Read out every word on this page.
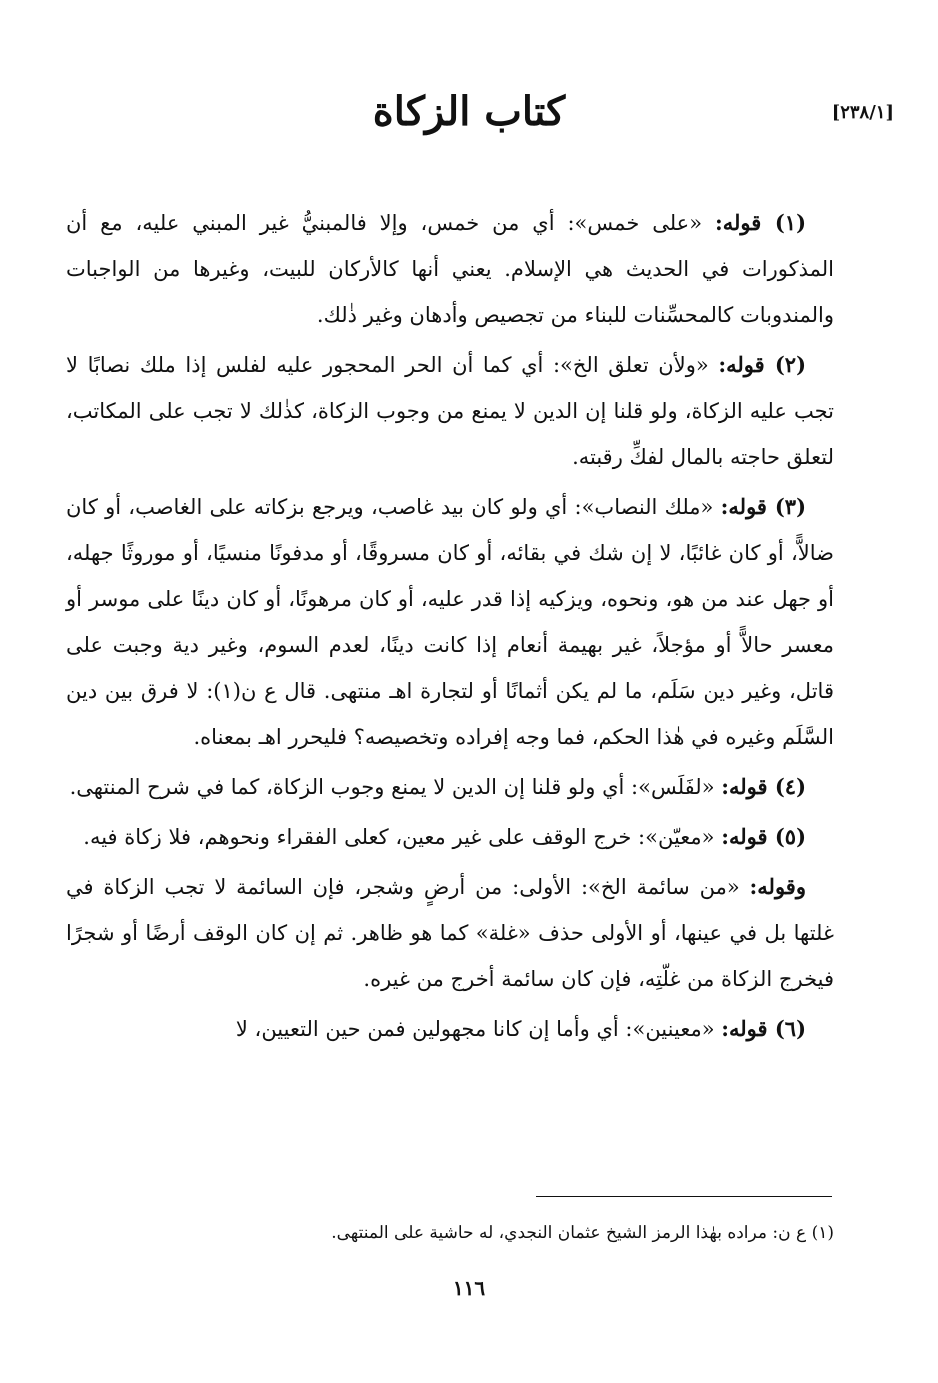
كتاب الزكاة	[٢٣٨/١]

(١) قوله: «على خمس»: أي من خمس، وإلا فالمبنيُّ غير المبني عليه، مع أن المذكورات في الحديث هي الإسلام. يعني أنها كالأركان للبيت، وغيرها من الواجبات والمندوبات كالمحسِّنات للبناء من تجصيص وأدهان وغير ذٰلك.

(٢) قوله: «ولأن تعلق الخ»: أي كما أن الحر المحجور عليه لفلس إذا ملك نصابًا لا تجب عليه الزكاة، ولو قلنا إن الدين لا يمنع من وجوب الزكاة، كذٰلك لا تجب على المكاتب، لتعلق حاجته بالمال لفكِّ رقبته.

(٣) قوله: «ملك النصاب»: أي ولو كان بيد غاصب، ويرجع بزكاته على الغاصب، أو كان ضالاًّ، أو كان غائبًا، لا إن شك في بقائه، أو كان مسروقًا، أو مدفونًا منسيًا، أو موروثًا جهله، أو جهل عند من هو، ونحوه، ويزكيه إذا قدر عليه، أو كان مرهونًا، أو كان دينًا على موسر أو معسر حالاًّ أو مؤجلاً، غير بهيمة أنعام إذا كانت دينًا، لعدم السوم، وغير دية وجبت على قاتل، وغير دين سَلَم، ما لم يكن أثمانًا أو لتجارة اهـ منتهى. قال ع ن(١): لا فرق بين دين السَّلَم وغيره في هٰذا الحكم، فما وجه إفراده وتخصيصه؟ فليحرر اهـ بمعناه.

(٤) قوله: «لفَلَس»: أي ولو قلنا إن الدين لا يمنع وجوب الزكاة، كما في شرح المنتهى.

(٥) قوله: «معيّن»: خرج الوقف على غير معين، كعلى الفقراء ونحوهم، فلا زكاة فيه.

وقوله: «من سائمة الخ»: الأولى: من أرضٍ وشجر، فإن السائمة لا تجب الزكاة في غلتها بل في عينها، أو الأولى حذف «غلة» كما هو ظاهر. ثم إن كان الوقف أرضًا أو شجرًا فيخرج الزكاة من غلّتِه، فإن كان سائمة أخرج من غيره.

(٦) قوله: «معينين»: أي وأما إن كانا مجهولين فمن حين التعيين، لا

(١) ع ن: مراده بهٰذا الرمز الشيخ عثمان النجدي، له حاشية على المنتهى.
١١٦
